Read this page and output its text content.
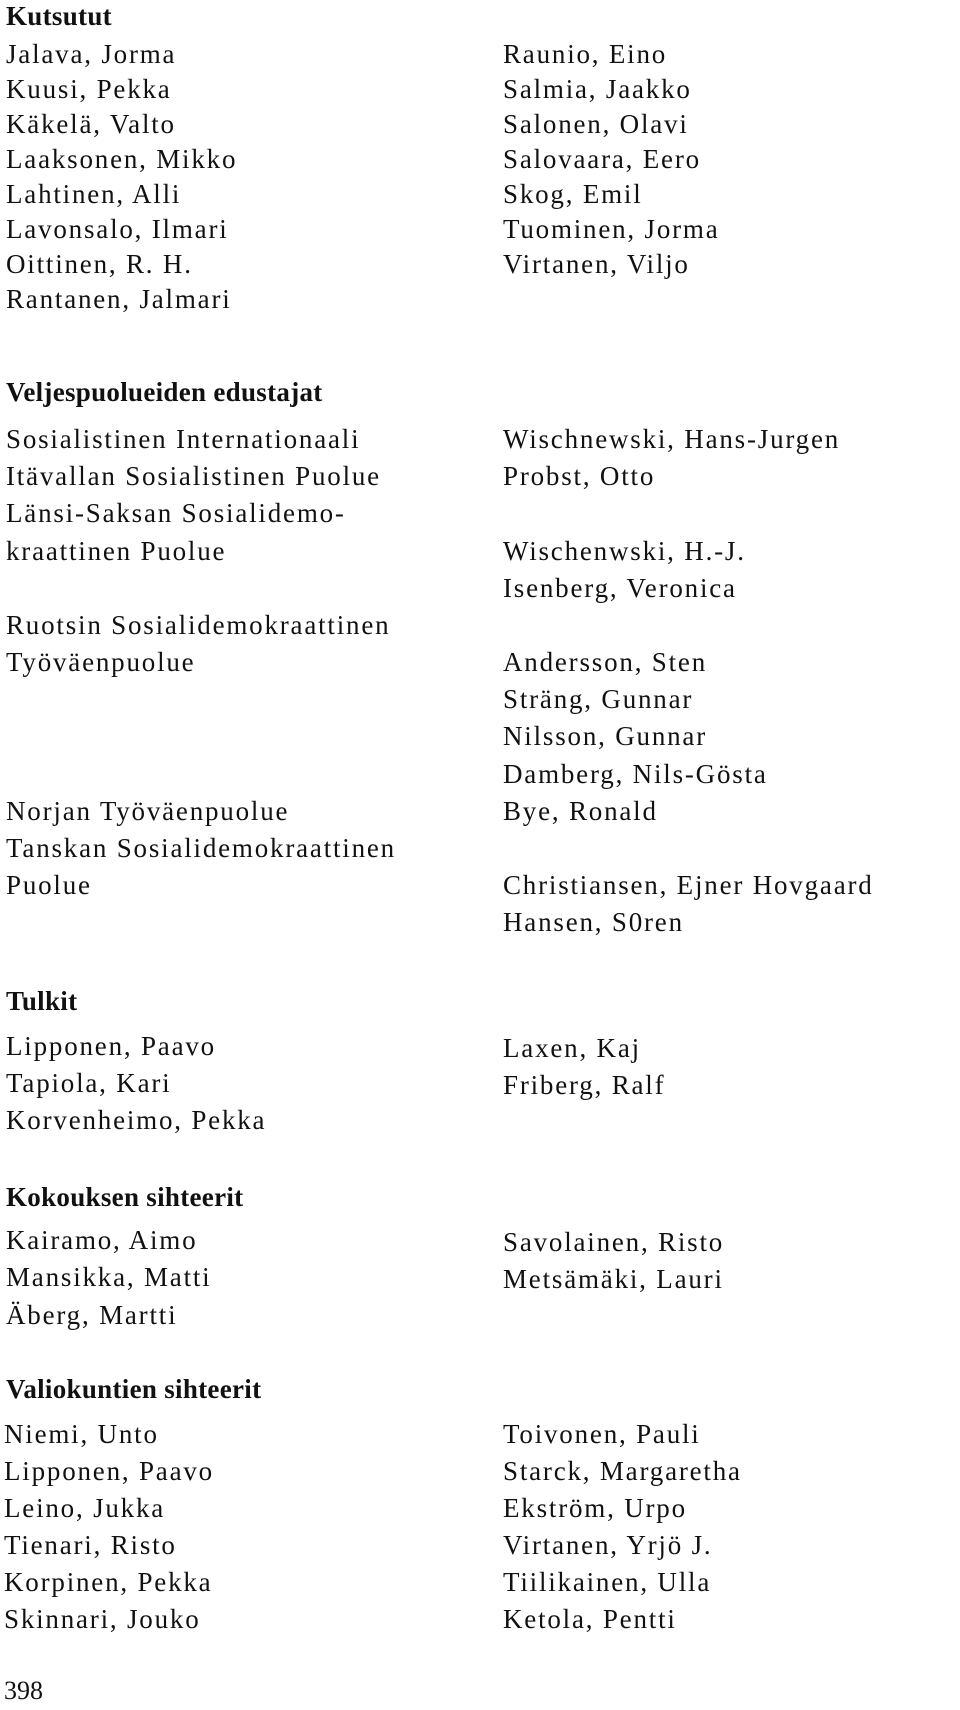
Kutsutut
Jalava, Jorma
Kuusi, Pekka
Käkelä, Valto
Laaksonen, Mikko
Lahtinen, Alli
Lavonsalo, Ilmari
Oittinen, R. H.
Rantanen, Jalmari
Raunio, Eino
Salmia, Jaakko
Salonen, Olavi
Salovaara, Eero
Skog, Emil
Tuominen, Jorma
Virtanen, Viljo
Veljespuolueiden edustajat
Sosialistinen Internationaali
Itävallan Sosialistinen Puolue
Länsi-Saksan Sosialidemo-
kraattinen Puolue
Ruotsin Sosialidemokraattinen
Työväenpuolue
Norjan Työväenpuolue
Tanskan Sosialidemokraattinen
Puolue
Wischnewski, Hans-Jurgen
Probst, Otto
Wischenwski, H.-J.
Isenberg, Veronica
Andersson, Sten
Sträng, Gunnar
Nilsson, Gunnar
Damberg, Nils-Gösta
Bye, Ronald
Christiansen, Ejner Hovgaard
Hansen, S0ren
Tulkit
Lipponen, Paavo
Tapiola, Kari
Korvenheimo, Pekka
Laxen, Kaj
Friberg, Ralf
Kokouksen sihteerit
Kairamo, Aimo
Mansikka, Matti
Äberg, Martti
Savolainen, Risto
Metsämäki, Lauri
Valiokuntien sihteerit
Niemi, Unto
Lipponen, Paavo
Leino, Jukka
Tienari, Risto
Korpinen, Pekka
Skinnari, Jouko
Toivonen, Pauli
Starck, Margaretha
Ekström, Urpo
Virtanen, Yrjö J.
Tiilikainen, Ulla
Ketola, Pentti
398
